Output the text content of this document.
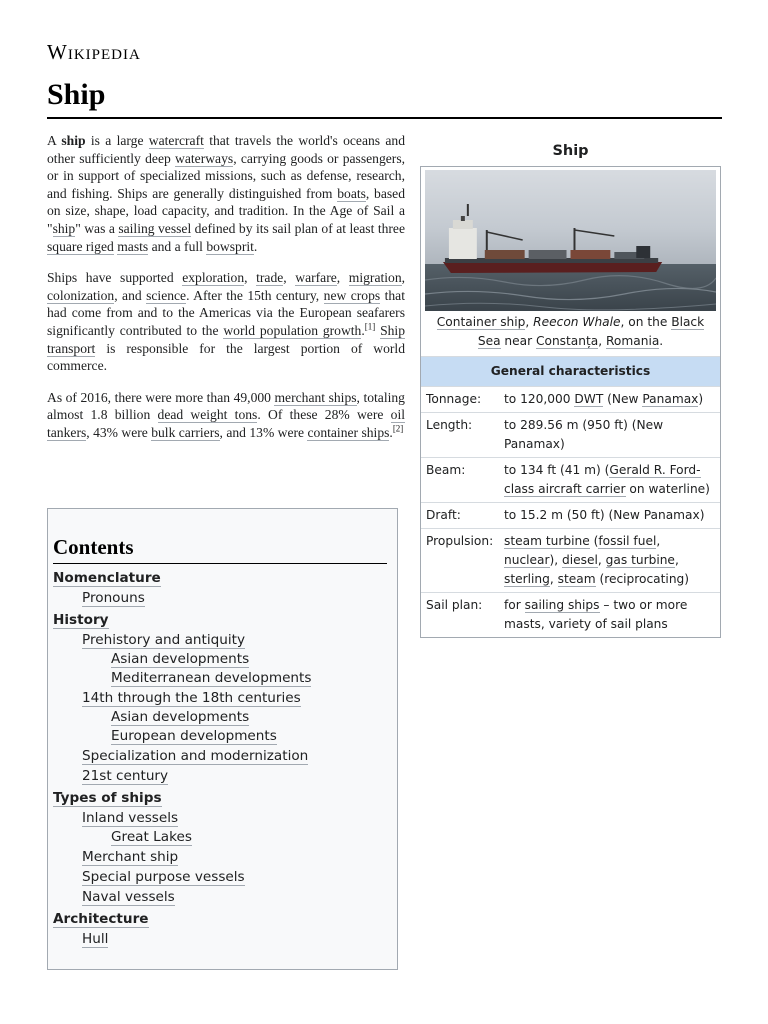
Wikipedia
Ship

A ship is a large watercraft that travels the world's oceans and other sufficiently deep waterways, carrying goods or passengers, or in support of specialized missions, such as defense, research, and fishing. Ships are generally distinguished from boats, based on size, shape, load capacity, and tradition. In the Age of Sail a "ship" was a sailing vessel defined by its sail plan of at least three square riged masts and a full bowsprit.

Ships have supported exploration, trade, warfare, migration, colonization, and science. After the 15th century, new crops that had come from and to the Americas via the European seafarers significantly contributed to the world population growth.[1] Ship transport is responsible for the largest portion of world commerce.

As of 2016, there were more than 49,000 merchant ships, totaling almost 1.8 billion dead weight tons. Of these 28% were oil tankers, 43% were bulk carriers, and 13% were container ships.[2]

Contents
Nomenclature
Pronouns
History
Prehistory and antiquity
Asian developments
Mediterranean developments
14th through the 18th centuries
Asian developments
European developments
Specialization and modernization
21st century
Types of ships
Inland vessels
Great Lakes
Merchant ship
Special purpose vessels
Naval vessels
Architecture
Hull
Ship
Container ship, Reecon Whale, on the Black Sea near Constanța, Romania.
General characteristics
Tonnage:	to 120,000 DWT (New Panamax)
Length:	to 289.56 m (950 ft) (New Panamax)
Beam:	to 134 ft (41 m) (Gerald R. Ford-class aircraft carrier on waterline)
Draft:	to 15.2 m (50 ft) (New Panamax)
Propulsion: steam turbine (fossil fuel, nuclear), diesel, gas turbine, sterling, steam (reciprocating)
Sail plan:	for sailing ships – two or more masts, variety of sail plans
